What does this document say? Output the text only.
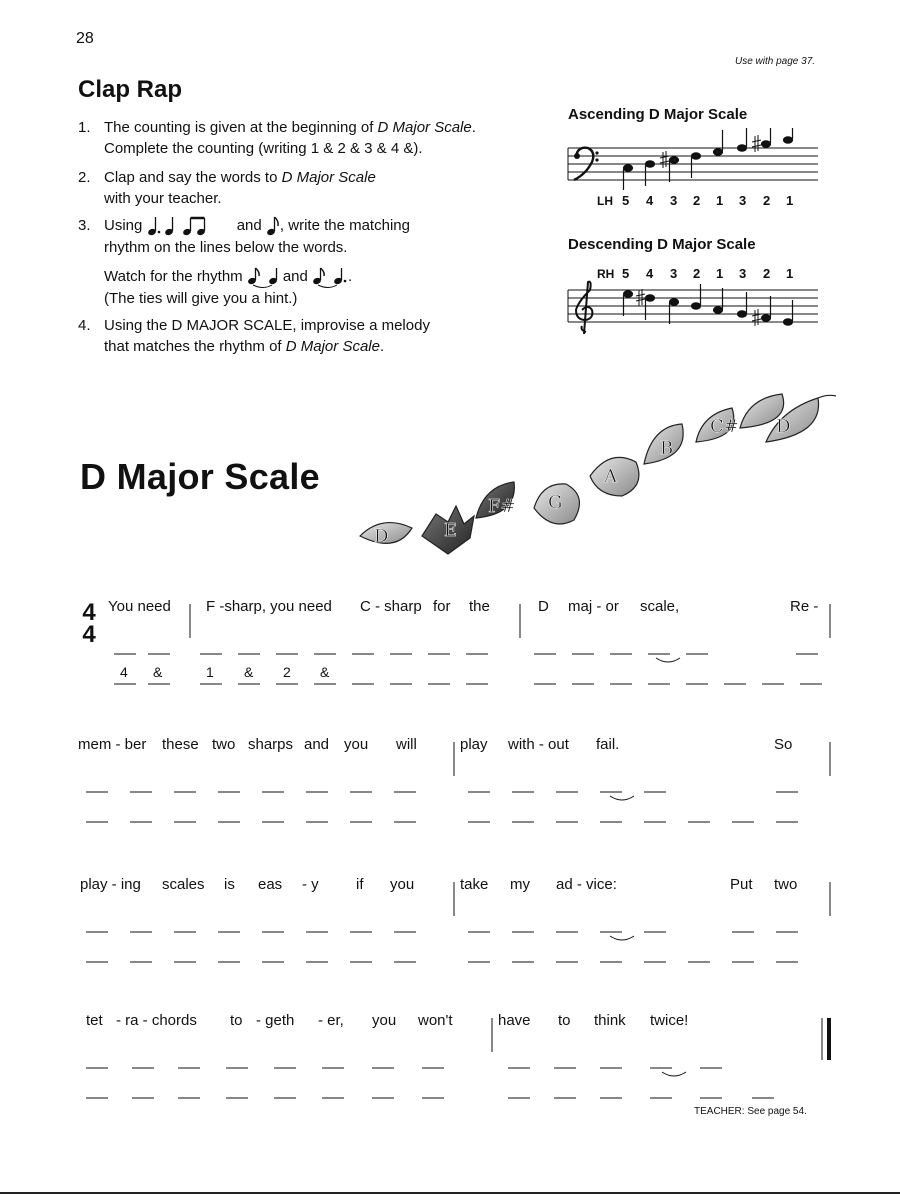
28
Use with page 37.
Clap Rap
1. The counting is given at the beginning of D Major Scale.
Complete the counting (writing 1 & 2 & 3 & 4 &).
2. Clap and say the words to D Major Scale
with your teacher.
3. Using	and , write the matching
rhythm on the lines below the words.

Watch for the rhythm	and	.
(The ties will give you a hint.)
4. Using the D MAJOR SCALE, improvise a melody
that matches the rhythm of D Major Scale.
Ascending D Major Scale
LH 5 4 3 2 1 3 2 1
Descending D Major Scale
RH 5 4 3 2 1 3 2 1
D Major Scale
D	E
F# G
A
B
C# D
4
4
You need F -sharp, you need C - sharp for the	D maj - or scale,	Re -
4 &	1 & 2 &
mem - ber these two sharps and you will	play with - out fail.	So
play - ing scales is eas - y if you	take my ad - vice:	Put two
tet - ra - chords to - geth - er, you won't	have to think twice!
TEACHER: See page 54.
